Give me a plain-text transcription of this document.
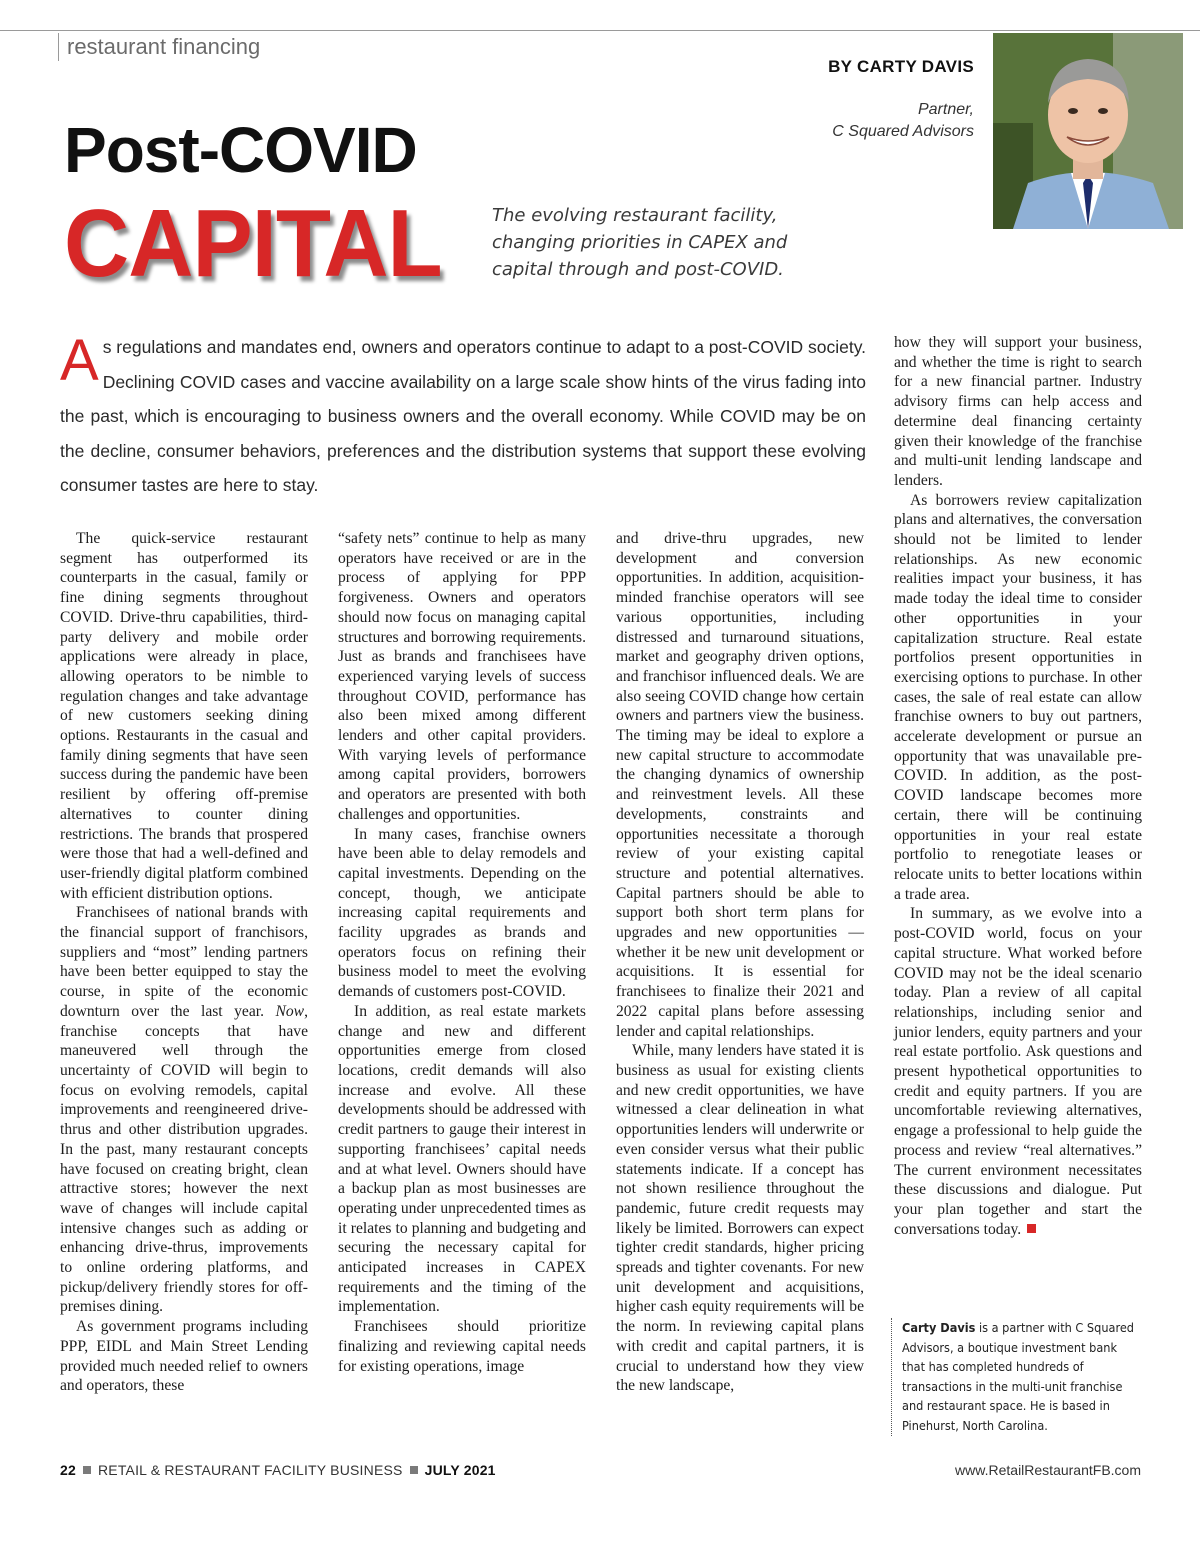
restaurant financing
BY CARTY DAVIS
Partner,
C Squared Advisors
Post-COVID
CAPITAL	The evolving restaurant facility,
changing priorities in CAPEX and
capital through and post-COVID.
A s regulations and mandates end, owners and operators continue to adapt to a post-COVID society. Declining COVID cases and vaccine availability on a large scale show hints of the virus fading into the past, which is encouraging to business owners and the overall economy. While COVID may be on the decline, consumer behaviors, preferences and the distribution systems that support these evolving consumer tastes are here to stay.

The quick-service restaurant segment has outperformed its counterparts in the casual, family or fine dining segments throughout COVID. Drive-thru capabilities, third-party delivery and mobile order applications were already in place, allowing operators to be nimble to regulation changes and take advantage of new customers seeking dining options. Restaurants in the casual and family dining segments that have seen success during the pandemic have been resilient by offering off-premise alternatives to counter dining restrictions. The brands that prospered were those that had a well-defined and user-friendly digital platform combined with efficient distribution options.

Franchisees of national brands with the financial support of franchisors, suppliers and “most” lending partners have been better equipped to stay the course, in spite of the economic downturn over the last year. Now, franchise concepts that have maneuvered well through the uncertainty of COVID will begin to focus on evolving remodels, capital improvements and reengineered drive-thrus and other distribution upgrades. In the past, many restaurant concepts have focused on creating bright, clean attractive stores; however the next wave of changes will include capital intensive changes such as adding or enhancing drive-thrus, improvements to online ordering platforms, and pickup/delivery friendly stores for off-premises dining.

As government programs including PPP, EIDL and Main Street Lending provided much needed relief to owners and operators, these

“safety nets” continue to help as many operators have received or are in the process of applying for PPP forgiveness. Owners and operators should now focus on managing capital structures and borrowing requirements. Just as brands and franchisees have experienced varying levels of success throughout COVID, performance has also been mixed among different lenders and other capital providers. With varying levels of performance among capital providers, borrowers and operators are presented with both challenges and opportunities.

In many cases, franchise owners have been able to delay remodels and capital investments. Depending on the concept, though, we anticipate increasing capital requirements and facility upgrades as brands and operators focus on refining their business model to meet the evolving demands of customers post-COVID.

In addition, as real estate markets change and new and different opportunities emerge from closed locations, credit demands will also increase and evolve. All these developments should be addressed with credit partners to gauge their interest in supporting franchisees’ capital needs and at what level. Owners should have a backup plan as most businesses are operating under unprecedented times as it relates to planning and budgeting and securing the necessary capital for anticipated increases in CAPEX requirements and the timing of the implementation.

Franchisees should prioritize finalizing and reviewing capital needs for existing operations, image

and drive-thru upgrades, new development and conversion opportunities. In addition, acquisition-minded franchise operators will see various opportunities, including distressed and turnaround situations, market and geography driven options, and franchisor influenced deals. We are also seeing COVID change how certain owners and partners view the business. The timing may be ideal to explore a new capital structure to accommodate the changing dynamics of ownership and reinvestment levels. All these developments, constraints and opportunities necessitate a thorough review of your existing capital structure and potential alternatives. Capital partners should be able to support both short term plans for upgrades and new opportunities — whether it be new unit development or acquisitions. It is essential for franchisees to finalize their 2021 and 2022 capital plans before assessing lender and capital relationships.

While, many lenders have stated it is business as usual for existing clients and new credit opportunities, we have witnessed a clear delineation in what opportunities lenders will underwrite or even consider versus what their public statements indicate. If a concept has not shown resilience throughout the pandemic, future credit requests may likely be limited. Borrowers can expect tighter credit standards, higher pricing spreads and tighter covenants. For new unit development and acquisitions, higher cash equity requirements will be the norm. In reviewing capital plans with credit and capital partners, it is crucial to understand how they view the new landscape,

how they will support your business, and whether the time is right to search for a new financial partner. Industry advisory firms can help access and determine deal financing certainty given their knowledge of the franchise and multi-unit lending landscape and lenders.

As borrowers review capitalization plans and alternatives, the conversation should not be limited to lender relationships. As new economic realities impact your business, it has made today the ideal time to consider other opportunities in your capitalization structure. Real estate portfolios present opportunities in exercising options to purchase. In other cases, the sale of real estate can allow franchise owners to buy out partners, accelerate development or pursue an opportunity that was unavailable pre-COVID. In addition, as the post-COVID landscape becomes more certain, there will be continuing opportunities in your real estate portfolio to renegotiate leases or relocate units to better locations within a trade area.

In summary, as we evolve into a post-COVID world, focus on your capital structure. What worked before COVID may not be the ideal scenario today. Plan a review of all capital relationships, including senior and junior lenders, equity partners and your real estate portfolio. Ask questions and present hypothetical opportunities to credit and equity partners. If you are uncomfortable reviewing alternatives, engage a professional to help guide the process and review “real alternatives.” The current environment necessitates these discussions and dialogue. Put your plan together and start the conversations today.

Carty Davis is a partner with C Squared Advisors, a boutique investment bank that has completed hundreds of transactions in the multi-unit franchise and restaurant space. He is based in Pinehurst, North Carolina.
22 RETAIL & RESTAURANT FACILITY BUSINESS JULY 2021	www.RetailRestaurantFB.com
